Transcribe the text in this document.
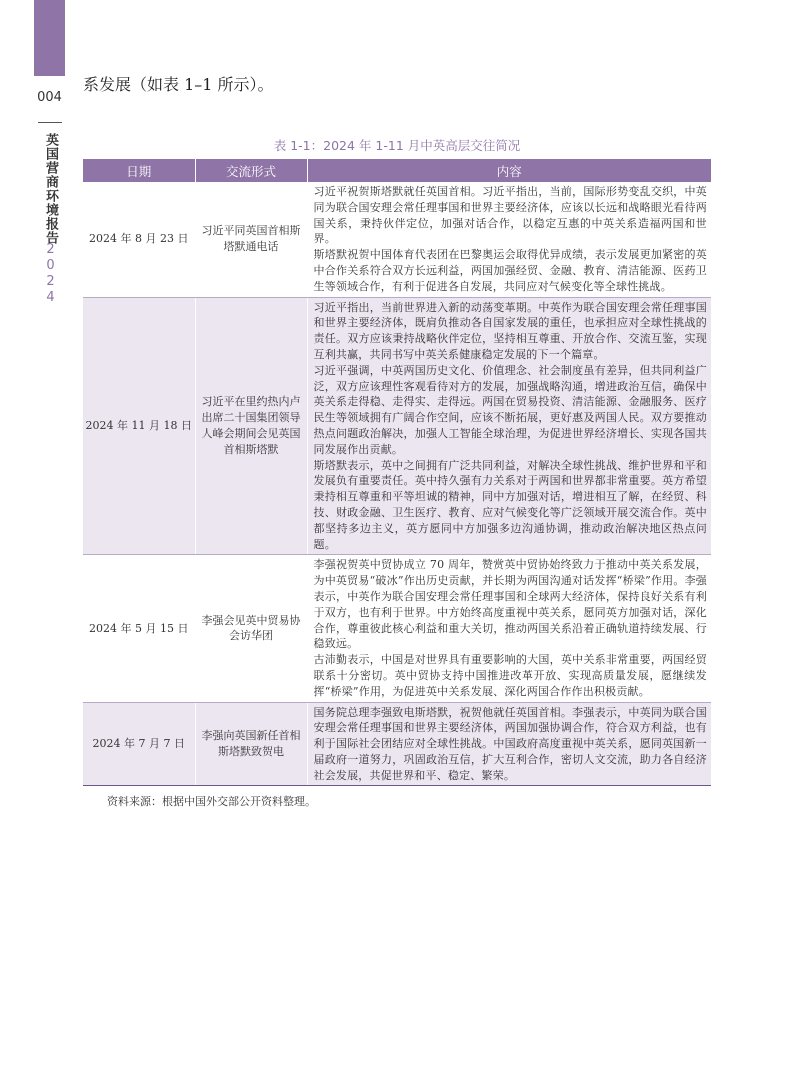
004
英国营商环境报告
2024
系发展（如表 1–1 所示）。
表 1-1：2024 年 1-11 月中英高层交往简况
日期	交流形式	内容
2024 年 8 月 23 日	习近平同英国首相斯塔默通电话	习近平祝贺斯塔默就任英国首相。习近平指出，当前，国际形势变乱交织，中英同为联合国安理会常任理事国和世界主要经济体，应该以长远和战略眼光看待两国关系，秉持伙伴定位，加强对话合作，以稳定互惠的中英关系造福两国和世界。

斯塔默祝贺中国体育代表团在巴黎奥运会取得优异成绩，表示发展更加紧密的英中合作关系符合双方长远利益，两国加强经贸、金融、教育、清洁能源、医药卫生等领域合作，有利于促进各自发展，共同应对气候变化等全球性挑战。

2024 年 11 月 18 日	习近平在里约热内卢出席二十国集团领导人峰会期间会见英国首相斯塔默	习近平指出，当前世界进入新的动荡变革期。中英作为联合国安理会常任理事国和世界主要经济体，既肩负推动各自国家发展的重任，也承担应对全球性挑战的责任。双方应该秉持战略伙伴定位，坚持相互尊重、开放合作、交流互鉴，实现互利共赢，共同书写中英关系健康稳定发展的下一个篇章。

习近平强调，中英两国历史文化、价值理念、社会制度虽有差异，但共同利益广泛，双方应该理性客观看待对方的发展，加强战略沟通，增进政治互信，确保中英关系走得稳、走得实、走得远。两国在贸易投资、清洁能源、金融服务、医疗民生等领域拥有广阔合作空间，应该不断拓展，更好惠及两国人民。双方要推动热点问题政治解决，加强人工智能全球治理，为促进世界经济增长、实现各国共同发展作出贡献。

斯塔默表示，英中之间拥有广泛共同利益，对解决全球性挑战、维护世界和平和发展负有重要责任。英中持久强有力关系对于两国和世界都非常重要。英方希望秉持相互尊重和平等坦诚的精神，同中方加强对话，增进相互了解，在经贸、科技、财政金融、卫生医疗、教育、应对气候变化等广泛领域开展交流合作。英中都坚持多边主义，英方愿同中方加强多边沟通协调，推动政治解决地区热点问题。

2024 年 5 月 15 日	李强会见英中贸易协会访华团	李强祝贺英中贸协成立 70 周年，赞赏英中贸协始终致力于推动中英关系发展，为中英贸易“破冰”作出历史贡献，并长期为两国沟通对话发挥“桥梁”作用。李强表示，中英作为联合国安理会常任理事国和全球两大经济体，保持良好关系有利于双方，也有利于世界。中方始终高度重视中英关系，愿同英方加强对话，深化合作，尊重彼此核心利益和重大关切，推动两国关系沿着正确轨道持续发展、行稳致远。

古沛勤表示，中国是对世界具有重要影响的大国，英中关系非常重要，两国经贸联系十分密切。英中贸协支持中国推进改革开放、实现高质量发展，愿继续发挥“桥梁”作用，为促进英中关系发展、深化两国合作作出积极贡献。

2024 年 7 月 7 日	李强向英国新任首相斯塔默致贺电	国务院总理李强致电斯塔默，祝贺他就任英国首相。李强表示，中英同为联合国安理会常任理事国和世界主要经济体，两国加强协调合作，符合双方利益，也有利于国际社会团结应对全球性挑战。中国政府高度重视中英关系，愿同英国新一届政府一道努力，巩固政治互信，扩大互利合作，密切人文交流，助力各自经济社会发展，共促世界和平、稳定、繁荣。

资料来源：根据中国外交部公开资料整理。
